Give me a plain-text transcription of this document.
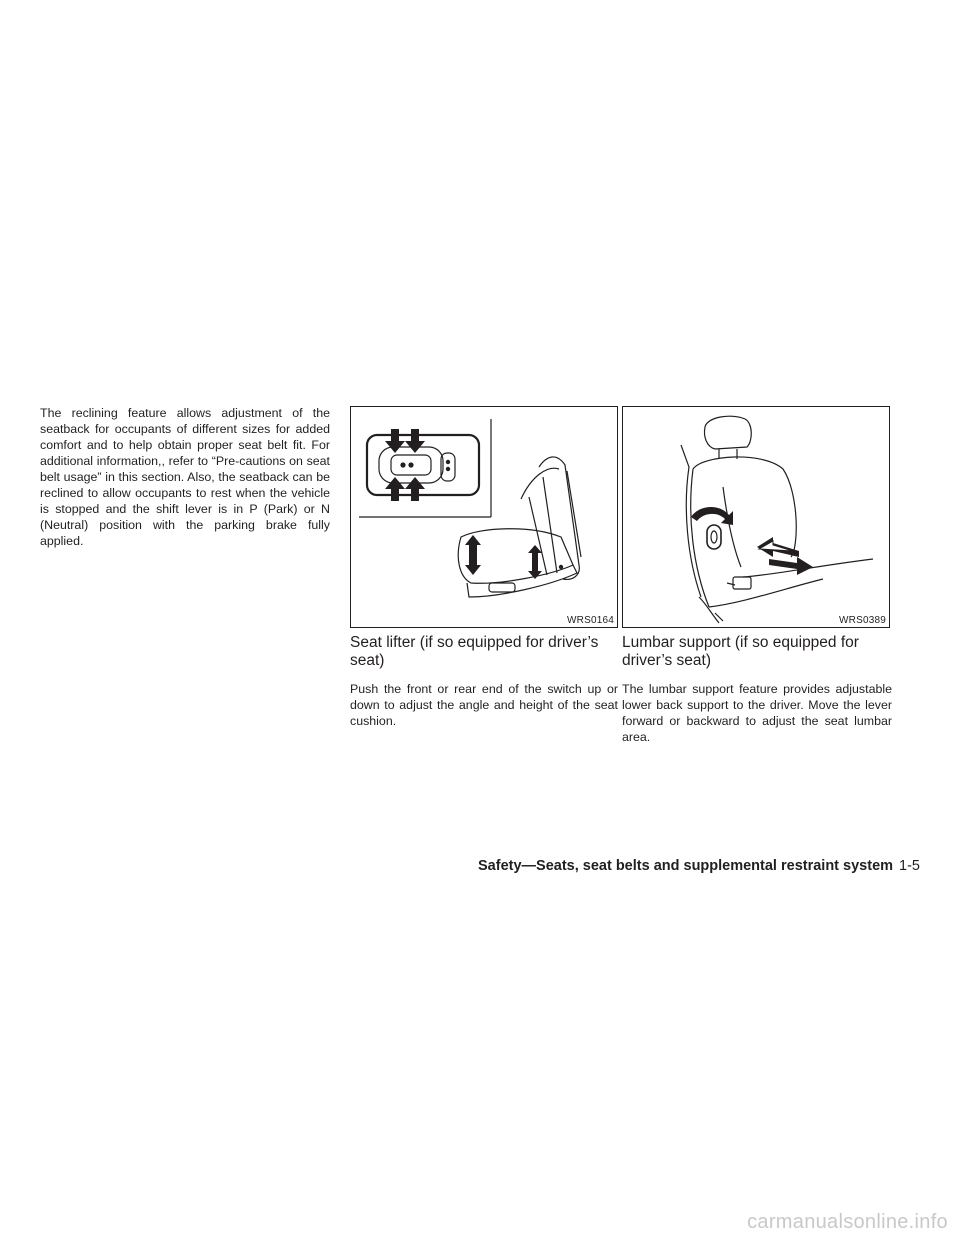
The reclining feature allows adjustment of the seatback for occupants of different sizes for added comfort and to help obtain proper seat belt fit. For additional information,, refer to “Pre-cautions on seat belt usage” in this section. Also, the seatback can be reclined to allow occupants to rest when the vehicle is stopped and the shift lever is in P (Park) or N (Neutral) position with the parking brake fully applied.

WRS0164	WRS0389
Seat lifter (if so equipped for driver’s seat)

Push the front or rear end of the switch up or down to adjust the angle and height of the seat cushion.

Lumbar support (if so equipped for driver’s seat)

The lumbar support feature provides adjustable lower back support to the driver. Move the lever forward or backward to adjust the seat lumbar area.

Safety—Seats, seat belts and supplemental restraint system 1-5
carmanualsonline.info
